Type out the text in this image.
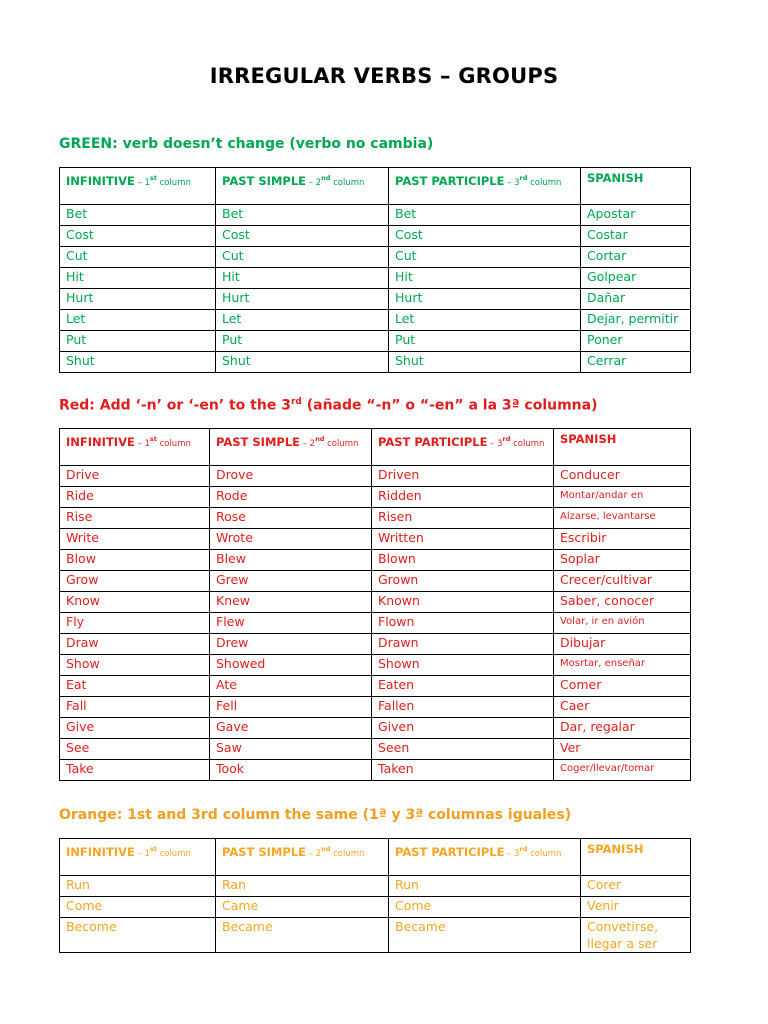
IRREGULAR VERBS – GROUPS
GREEN: verb doesn’t change (verbo no cambia)
INFINITIVE – 1st column	PAST SIMPLE – 2nd column	PAST PARTICIPLE – 3rd column	SPANISH
Bet	Bet	Bet	Apostar
Cost	Cost	Cost	Costar
Cut	Cut	Cut	Cortar
Hit	Hit	Hit	Golpear
Hurt	Hurt	Hurt	Dañar
Let	Let	Let	Dejar, permitir
Put	Put	Put	Poner
Shut	Shut	Shut	Cerrar
Red: Add ‘-n’ or ‘-en’ to the 3rd (añade “-n” o “-en” a la 3ª columna)
INFINITIVE – 1st column	PAST SIMPLE – 2nd column	PAST PARTICIPLE – 3rd column	SPANISH
Drive	Drove	Driven	Conducer
Ride	Rode	Ridden	Montar/andar en
Rise	Rose	Risen	Alzarse, levantarse
Write	Wrote	Written	Escribir
Blow	Blew	Blown	Soplar
Grow	Grew	Grown	Crecer/cultivar
Know	Knew	Known	Saber, conocer
Fly	Flew	Flown	Volar, ir en avión
Draw	Drew	Drawn	Dibujar
Show	Showed	Shown	Mosrtar, enseñar
Eat	Ate	Eaten	Comer
Fall	Fell	Fallen	Caer
Give	Gave	Given	Dar, regalar
See	Saw	Seen	Ver
Take	Took	Taken	Coger/llevar/tomar
Orange: 1st and 3rd column the same (1ª y 3ª columnas iguales)
INFINITIVE – 1st column	PAST SIMPLE – 2nd column	PAST PARTICIPLE – 3rd column	SPANISH
Run	Ran	Run	Corer
Come	Came	Come	Venir
Become	Became	Became	Convetirse, llegar a ser
